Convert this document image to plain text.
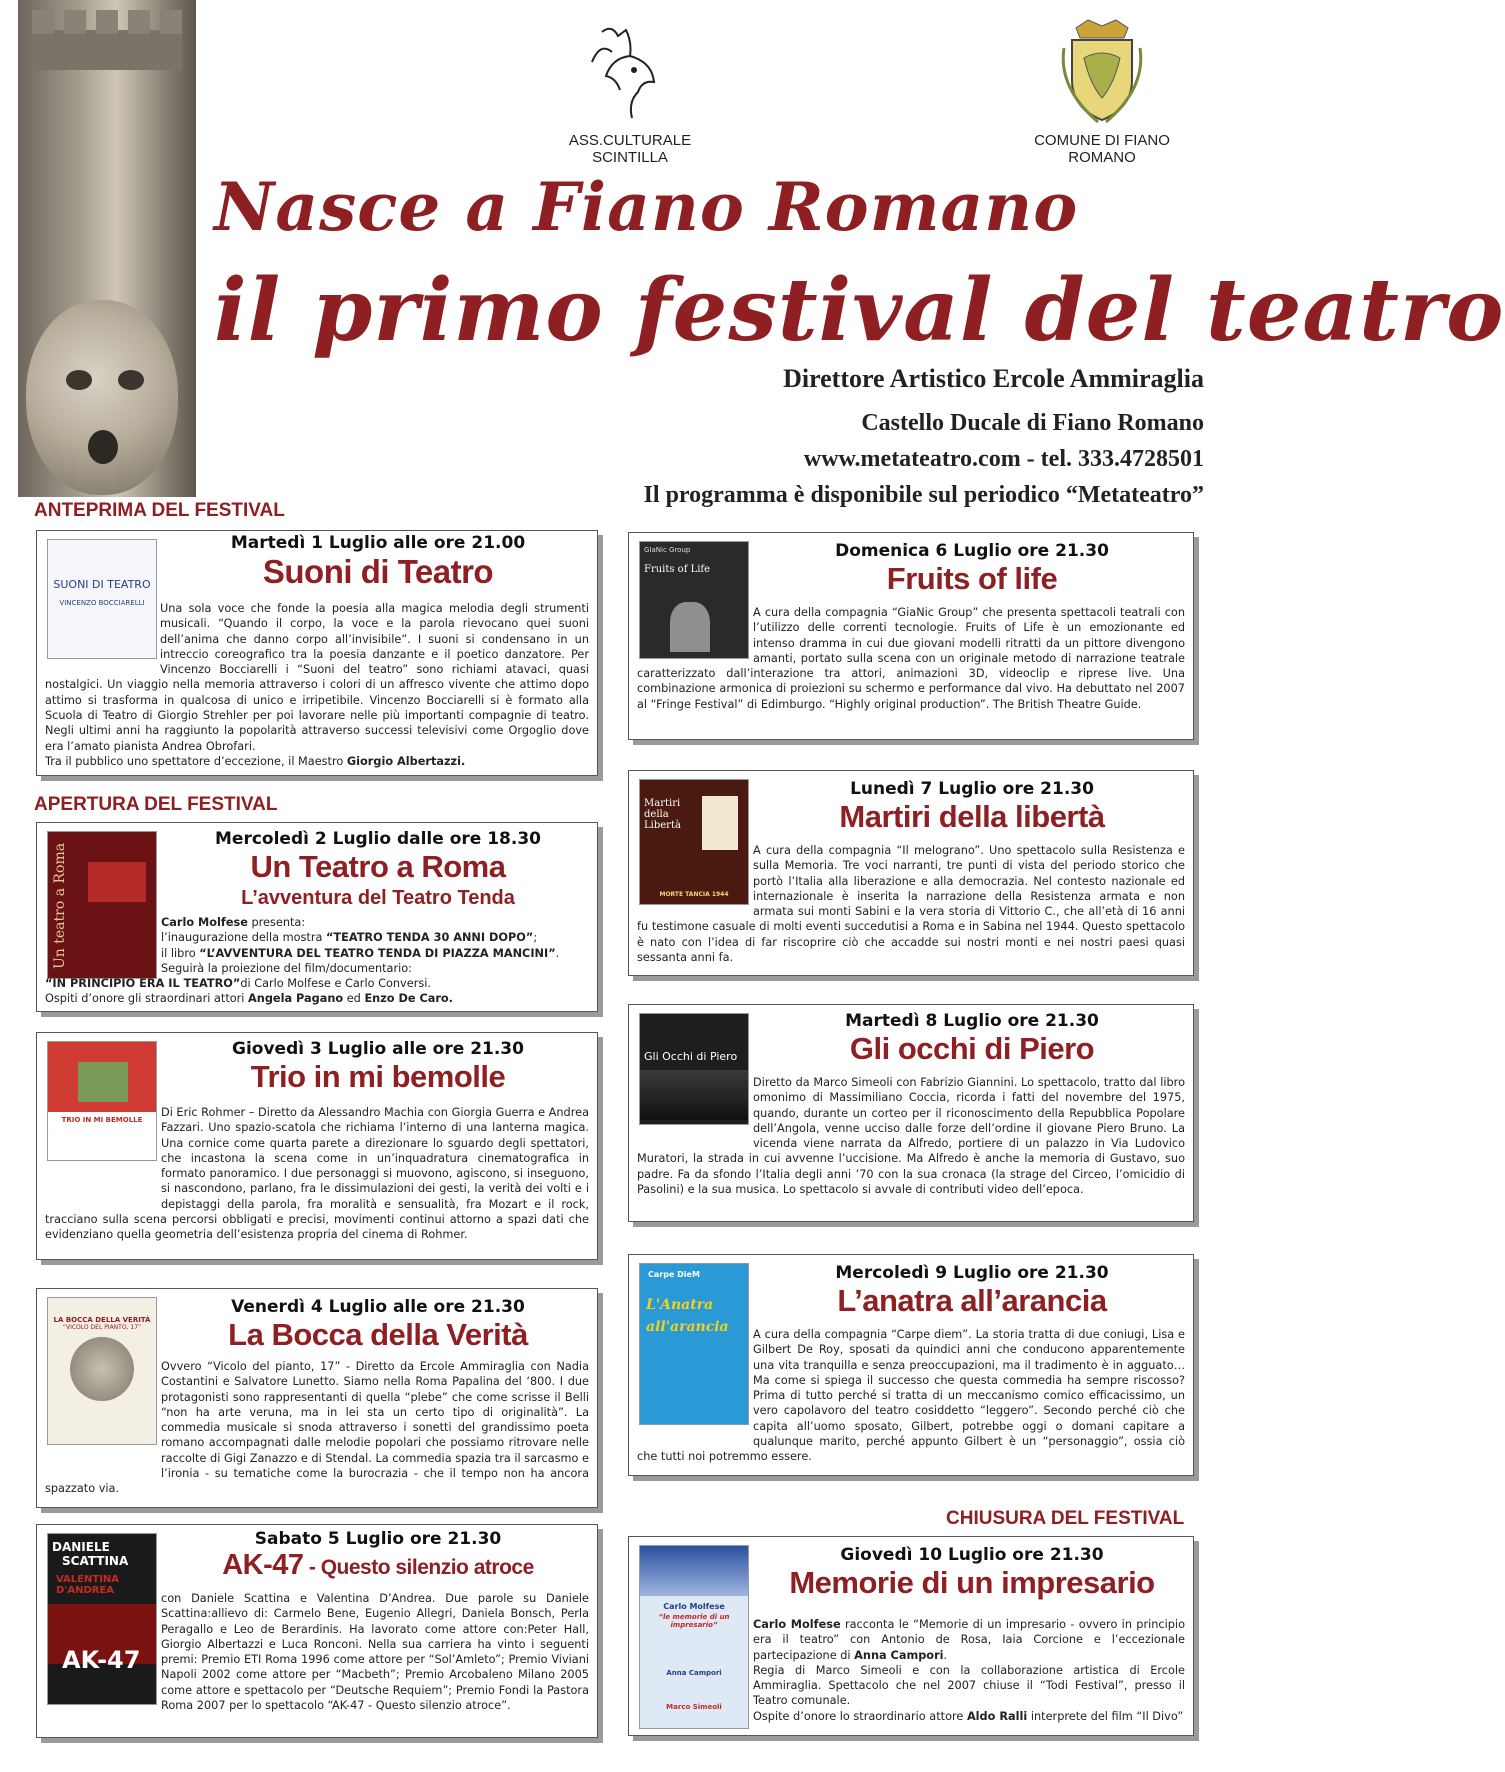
ASS.CULTURALE SCINTILLA
COMUNE DI FIANO ROMANO
Nasce a Fiano Romano
il primo festival del teatro
Direttore Artistico Ercole Ammiraglia
Castello Ducale di Fiano Romano
www.metateatro.com - tel. 333.4728501
Il programma è disponibile sul periodico “Metateatro”
ANTEPRIMA DEL FESTIVAL
APERTURA DEL FESTIVAL
CHIUSURA DEL FESTIVAL
SUONI DI TEATRO
VINCENZO BOCCIARELLI
Martedì 1 Luglio alle ore 21.00
Suoni di Teatro
Una sola voce che fonde la poesia alla magica melodia degli strumenti musicali. “Quando il corpo, la voce e la parola rievocano quei suoni dell’anima che danno corpo all’invisibile”. I suoni si condensano in un intreccio coreografico tra la poesia danzante e il poetico danzatore. Per Vincenzo Bocciarelli i “Suoni del teatro” sono richiami atavaci, quasi nostalgici. Un viaggio nella memoria attraverso i colori di un affresco vivente che attimo dopo attimo si trasforma in qualcosa di unico e irripetibile. Vincenzo Bocciarelli si è formato alla Scuola di Teatro di Giorgio Strehler per poi lavorare nelle più importanti compagnie di teatro. Negli ultimi anni ha raggiunto la popolarità attraverso successi televisivi come Orgoglio dove era l’amato pianista Andrea Obrofari.
Tra il pubblico uno spettatore d’eccezione, il Maestro Giorgio Albertazzi.
Un teatro a Roma
Mercoledì 2 Luglio dalle ore 18.30
Un Teatro a Roma
L’avventura del Teatro Tenda
Carlo Molfese presenta:
l’inaugurazione della mostra “TEATRO TENDA 30 ANNI DOPO”;
il libro “L’AVVENTURA DEL TEATRO TENDA DI PIAZZA MANCINI”.
Seguirà la proiezione del film/documentario:
“IN PRINCIPIO ERA IL TEATRO”di Carlo Molfese e Carlo Conversi.
Ospiti d’onore gli straordinari attori Angela Pagano ed Enzo De Caro.
TRIO IN MI BEMOLLE
Giovedì 3 Luglio alle ore 21.30
Trio in mi bemolle
Di Eric Rohmer – Diretto da Alessandro Machia con Giorgia Guerra e Andrea Fazzari. Uno spazio-scatola che richiama l’interno di una lanterna magica. Una cornice come quarta parete a direzionare lo sguardo degli spettatori, che incastona la scena come in un’inquadratura cinematografica in formato panoramico. I due personaggi si muovono, agiscono, si inseguono, si nascondono, parlano, fra le dissimulazioni dei gesti, la verità dei volti e i depistaggi della parola, fra moralità e sensualità, fra Mozart e il rock, tracciano sulla scena percorsi obbligati e precisi, movimenti continui attorno a spazi dati che evidenziano quella geometria dell’esistenza propria del cinema di Rohmer.
LA BOCCA DELLA VERITÀ
“VICOLO DEL PIANTO, 17”
Venerdì 4 Luglio alle ore 21.30
La Bocca della Verità
Ovvero “Vicolo del pianto, 17” - Diretto da Ercole Ammiraglia con Nadia Costantini e Salvatore Lunetto. Siamo nella Roma Papalina del ‘800. I due protagonisti sono rappresentanti di quella “plebe” che come scrisse il Belli “non ha arte veruna, ma in lei sta un certo tipo di originalità”. La commedia musicale si snoda attraverso i sonetti del grandissimo poeta romano accompagnati dalle melodie popolari che possiamo ritrovare nelle raccolte di Gigi Zanazzo e di Stendal. La commedia spazia tra il sarcasmo e l’ironia - su tematiche come la burocrazia - che il tempo non ha ancora spazzato via.
DANIELE
SCATTINA
VALENTINA D'ANDREA
AK-47
Sabato 5 Luglio ore 21.30
AK-47 - Questo silenzio atroce
con Daniele Scattina e Valentina D’Andrea. Due parole su Daniele Scattina:allievo di: Carmelo Bene, Eugenio Allegri, Daniela Bonsch, Perla Peragallo e Leo de Berardinis. Ha lavorato come attore con:Peter Hall, Giorgio Albertazzi e Luca Ronconi. Nella sua carriera ha vinto i seguenti premi: Premio ETI Roma 1996 come attore per “Sol’Amleto”; Premio Viviani Napoli 2002 come attore per “Macbeth”; Premio Arcobaleno Milano 2005 come attore e spettacolo per “Deutsche Requiem”; Premio Fondi la Pastora Roma 2007 per lo spettacolo “AK-47 - Questo silenzio atroce”.
GIaNic Group
Fruits of Life
Domenica 6 Luglio ore 21.30
Fruits of life
A cura della compagnia “GiaNic Group” che presenta spettacoli teatrali con l’utilizzo delle correnti tecnologie. Fruits of Life è un emozionante ed intenso dramma in cui due giovani modelli ritratti da un pittore divengono amanti, portato sulla scena con un originale metodo di narrazione teatrale caratterizzato dall’interazione tra attori, animazioni 3D, videoclip e riprese live. Una combinazione armonica di proiezioni su schermo e performance dal vivo. Ha debuttato nel 2007 al “Fringe Festival” di Edimburgo. “Highly original production”. The British Theatre Guide.
Martiri della Libertà
MORTE TANCIA 1944
Lunedì 7 Luglio ore 21.30
Martiri della libertà
A cura della compagnia “Il melograno”. Uno spettacolo sulla Resistenza e sulla Memoria. Tre voci narranti, tre punti di vista del periodo storico che portò l’Italia alla liberazione e alla democrazia. Nel contesto nazionale ed internazionale è inserita la narrazione della Resistenza armata e non armata sui monti Sabini e la vera storia di Vittorio C., che all’età di 16 anni fu testimone casuale di molti eventi succedutisi a Roma e in Sabina nel 1944. Questo spettacolo è nato con l’idea di far riscoprire ciò che accadde sui nostri monti e nei nostri paesi quasi sessanta anni fa.
Gli Occhi di Piero
Martedì 8 Luglio ore 21.30
Gli occhi di Piero
Diretto da Marco Simeoli con Fabrizio Giannini. Lo spettacolo, tratto dal libro omonimo di Massimiliano Coccia, ricorda i fatti del novembre del 1975, quando, durante un corteo per il riconoscimento della Repubblica Popolare dell’Angola, venne ucciso dalle forze dell’ordine il giovane Piero Bruno. La vicenda viene narrata da Alfredo, portiere di un palazzo in Via Ludovico Muratori, la strada in cui avvenne l’uccisione. Ma Alfredo è anche la memoria di Gustavo, suo padre. Fa da sfondo l’Italia degli anni ’70 con la sua cronaca (la strage del Circeo, l’omicidio di Pasolini) e la sua musica. Lo spettacolo si avvale di contributi video dell’epoca.
Carpe DieM
L'Anatra all'arancia
Mercoledì 9 Luglio ore 21.30
L’anatra all’arancia
A cura della compagnia “Carpe diem”. La storia tratta di due coniugi, Lisa e Gilbert De Roy, sposati da quindici anni che conducono apparentemente una vita tranquilla e senza preoccupazioni, ma il tradimento è in agguato… Ma come si spiega il successo che questa commedia ha sempre riscosso? Prima di tutto perché si tratta di un meccanismo comico efficacissimo, un vero capolavoro del teatro cosiddetto “leggero”. Secondo perché ciò che capita all’uomo sposato, Gilbert, potrebbe oggi o domani capitare a qualunque marito, perché appunto Gilbert è un “personaggio”, ossia ciò che tutti noi potremmo essere.
Carlo Molfese
“le memorie di un impresario”
Anna Campori
Marco Simeoli
Giovedì 10 Luglio ore 21.30
Memorie di un impresario
Carlo Molfese racconta le “Memorie di un impresario - ovvero in principio era il teatro” con Antonio de Rosa, Iaia Corcione e l’eccezionale partecipazione di Anna Campori.
Regia di Marco Simeoli e con la collaborazione artistica di Ercole Ammiraglia. Spettacolo che nel 2007 chiuse il “Todi Festival”, presso il Teatro comunale.
Ospite d’onore lo straordinario attore Aldo Ralli interprete del film “Il Divo”
